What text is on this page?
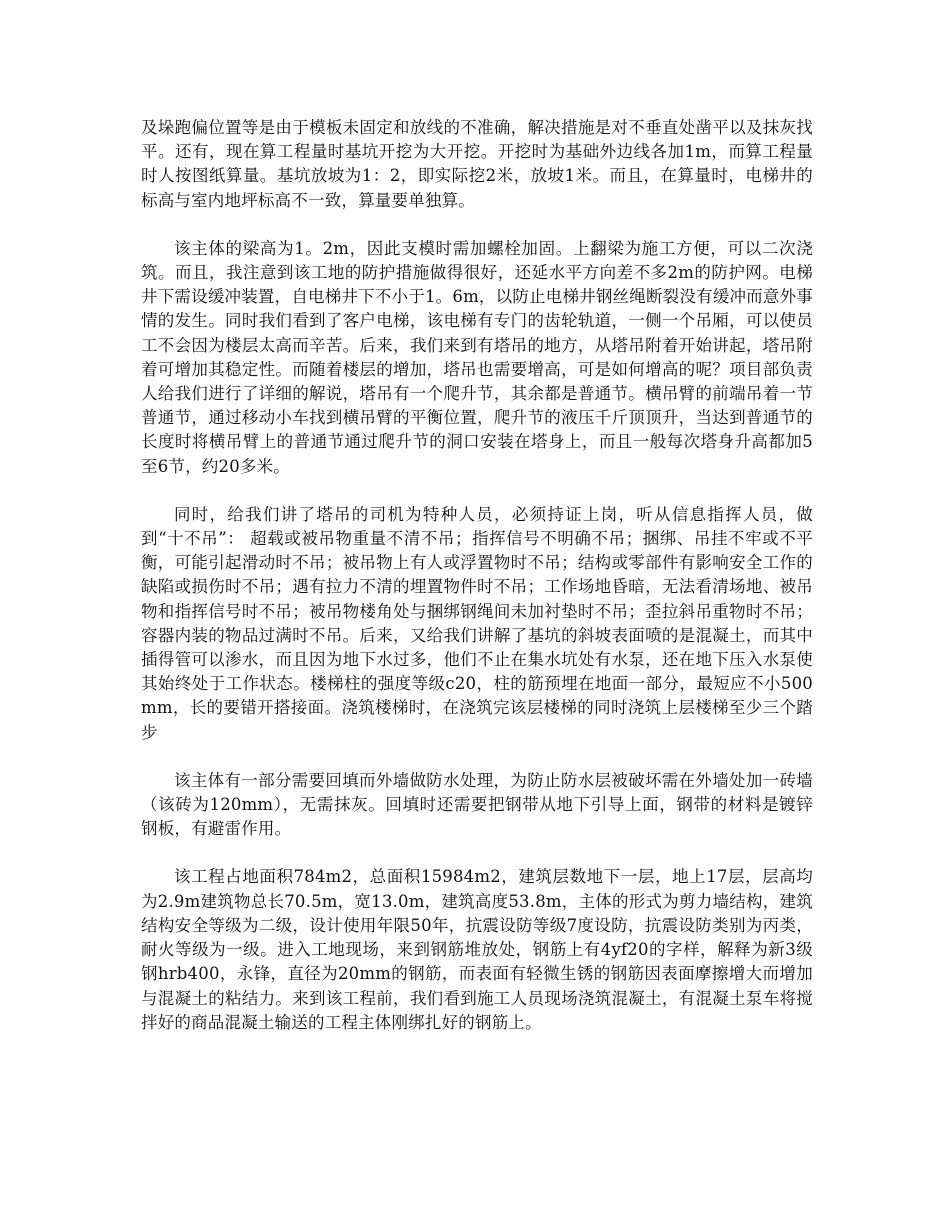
及垛跑偏位置等是由于模板未固定和放线的不准确，解决措施是对不垂直处凿平以及抹灰找平。还有，现在算工程量时基坑开挖为大开挖。开挖时为基础外边线各加1m，而算工程量时人按图纸算量。基坑放坡为1：2，即实际挖2米，放坡1米。而且，在算量时，电梯井的标高与室内地坪标高不一致，算量要单独算。

该主体的梁高为1。2m，因此支模时需加螺栓加固。上翻梁为施工方便，可以二次浇筑。而且，我注意到该工地的防护措施做得很好，还延水平方向差不多2m的防护网。电梯井下需设缓冲装置，自电梯井下不小于1。6m，以防止电梯井钢丝绳断裂没有缓冲而意外事情的发生。同时我们看到了客户电梯，该电梯有专门的齿轮轨道，一侧一个吊厢，可以使员工不会因为楼层太高而辛苦。后来，我们来到有塔吊的地方，从塔吊附着开始讲起，塔吊附着可增加其稳定性。而随着楼层的增加，塔吊也需要增高，可是如何增高的呢？项目部负责人给我们进行了详细的解说，塔吊有一个爬升节，其余都是普通节。横吊臂的前端吊着一节普通节，通过移动小车找到横吊臂的平衡位置，爬升节的液压千斤顶顶升，当达到普通节的长度时将横吊臂上的普通节通过爬升节的洞口安装在塔身上，而且一般每次塔身升高都加5至6节，约20多米。

同时，给我们讲了塔吊的司机为特种人员，必须持证上岗，听从信息指挥人员，做到“十不吊”： 超载或被吊物重量不清不吊；指挥信号不明确不吊；捆绑、吊挂不牢或不平衡，可能引起滑动时不吊；被吊物上有人或浮置物时不吊；结构或零部件有影响安全工作的缺陷或损伤时不吊；遇有拉力不清的埋置物件时不吊；工作场地昏暗，无法看清场地、被吊物和指挥信号时不吊；被吊物楼角处与捆绑钢绳间未加衬垫时不吊；歪拉斜吊重物时不吊；容器内装的物品过满时不吊。后来，又给我们讲解了基坑的斜坡表面喷的是混凝土，而其中插得管可以渗水，而且因为地下水过多，他们不止在集水坑处有水泵，还在地下压入水泵使其始终处于工作状态。楼梯柱的强度等级c20，柱的筋预埋在地面一部分，最短应不小500mm，长的要错开搭接面。浇筑楼梯时，在浇筑完该层楼梯的同时浇筑上层楼梯至少三个踏步

该主体有一部分需要回填而外墙做防水处理，为防止防水层被破坏需在外墙处加一砖墙（该砖为120mm），无需抹灰。回填时还需要把钢带从地下引导上面，钢带的材料是镀锌钢板，有避雷作用。

该工程占地面积784m2，总面积15984m2，建筑层数地下一层，地上17层，层高均为2.9m建筑物总长70.5m，宽13.0m，建筑高度53.8m，主体的形式为剪力墙结构，建筑结构安全等级为二级，设计使用年限50年，抗震设防等级7度设防，抗震设防类别为丙类，耐火等级为一级。进入工地现场，来到钢筋堆放处，钢筋上有4yf20的字样，解释为新3级钢hrb400，永锋，直径为20mm的钢筋，而表面有轻微生锈的钢筋因表面摩擦增大而增加与混凝土的粘结力。来到该工程前，我们看到施工人员现场浇筑混凝土，有混凝土泵车将搅拌好的商品混凝土输送的工程主体刚绑扎好的钢筋上。
